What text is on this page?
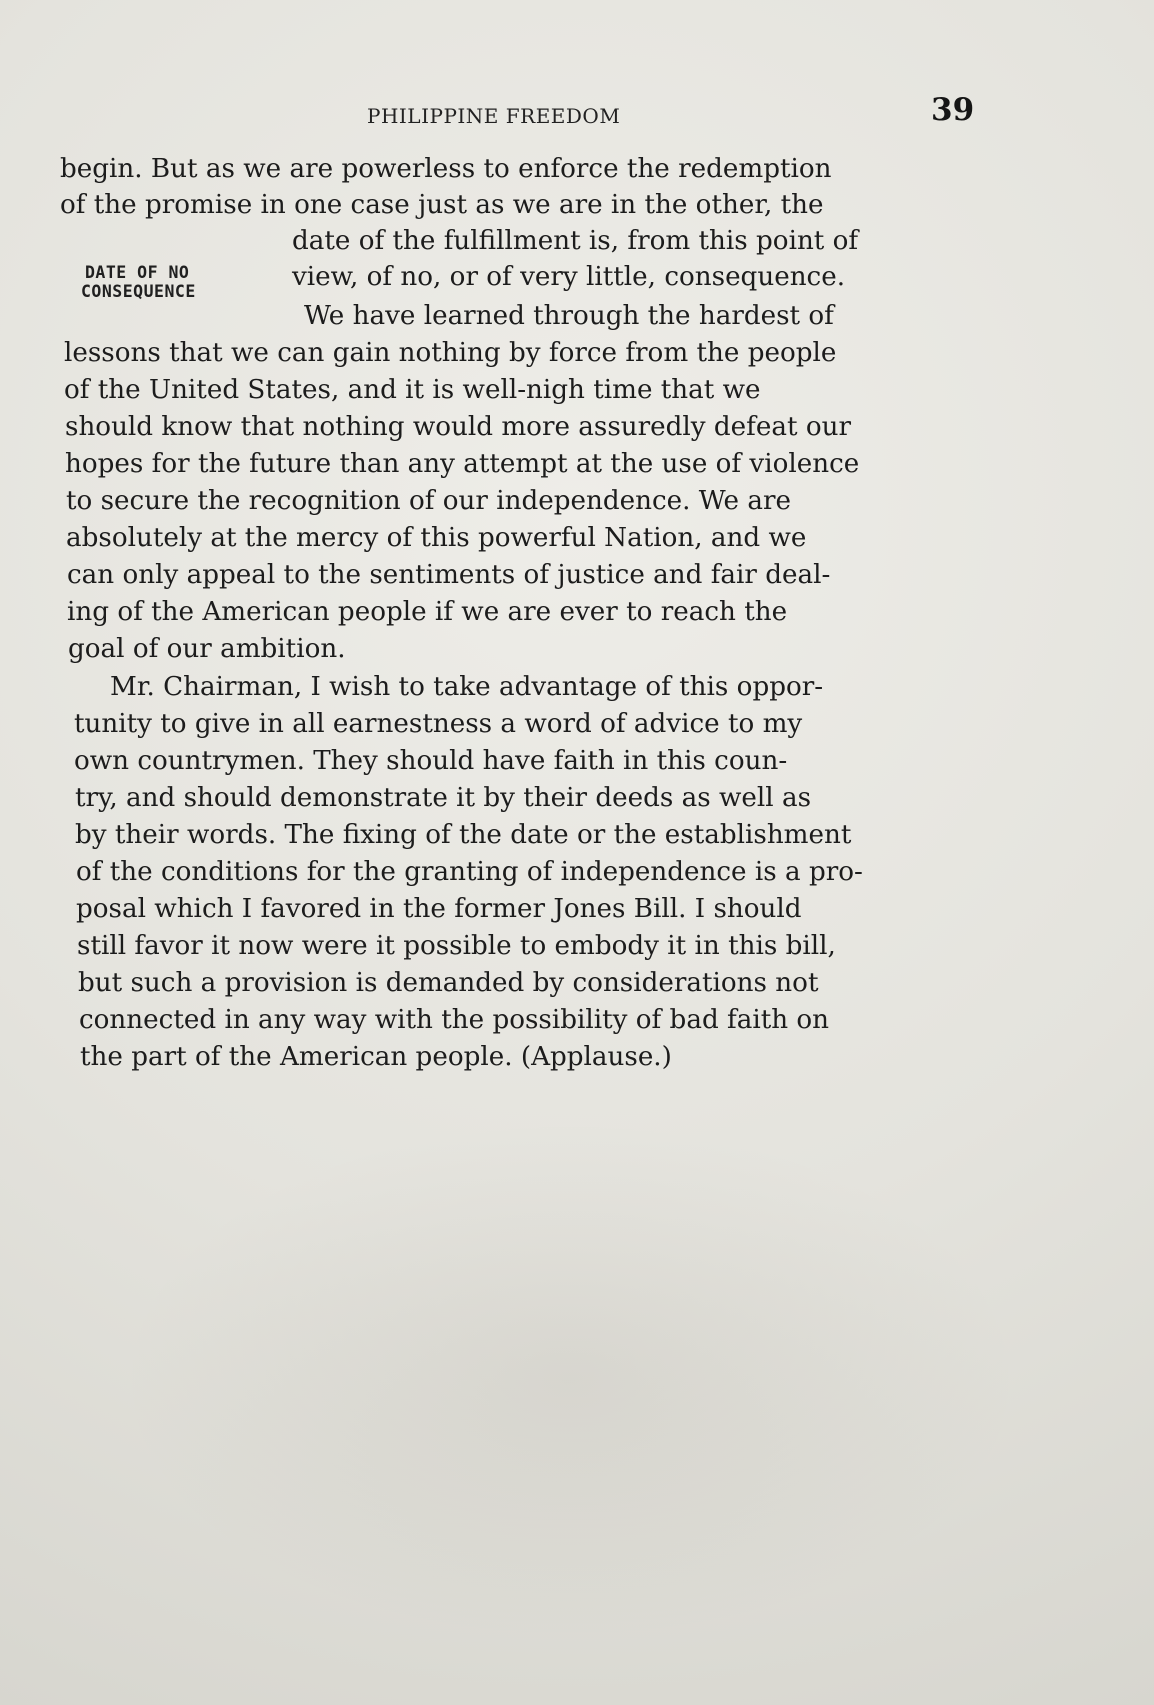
PHILIPPINE FREEDOM	39
DATE OF NO
CONSEQUENCE
begin. But as we are powerless to enforce the redemption
of the promise in one case just as we are in the other, the
date of the fulfillment is, from this point of
view, of no, or of very little, consequence.
We have learned through the hardest of
lessons that we can gain nothing by force from the people
of the United States, and it is well-nigh time that we
should know that nothing would more assuredly defeat our
hopes for the future than any attempt at the use of violence
to secure the recognition of our independence. We are
absolutely at the mercy of this powerful Nation, and we
can only appeal to the sentiments of justice and fair deal-
ing of the American people if we are ever to reach the
goal of our ambition.
Mr. Chairman, I wish to take advantage of this oppor-
tunity to give in all earnestness a word of advice to my
own countrymen. They should have faith in this coun-
try, and should demonstrate it by their deeds as well as
by their words. The fixing of the date or the establishment
of the conditions for the granting of independence is a pro-
posal which I favored in the former Jones Bill. I should
still favor it now were it possible to embody it in this bill,
but such a provision is demanded by considerations not
connected in any way with the possibility of bad faith on
the part of the American people. (Applause.)
